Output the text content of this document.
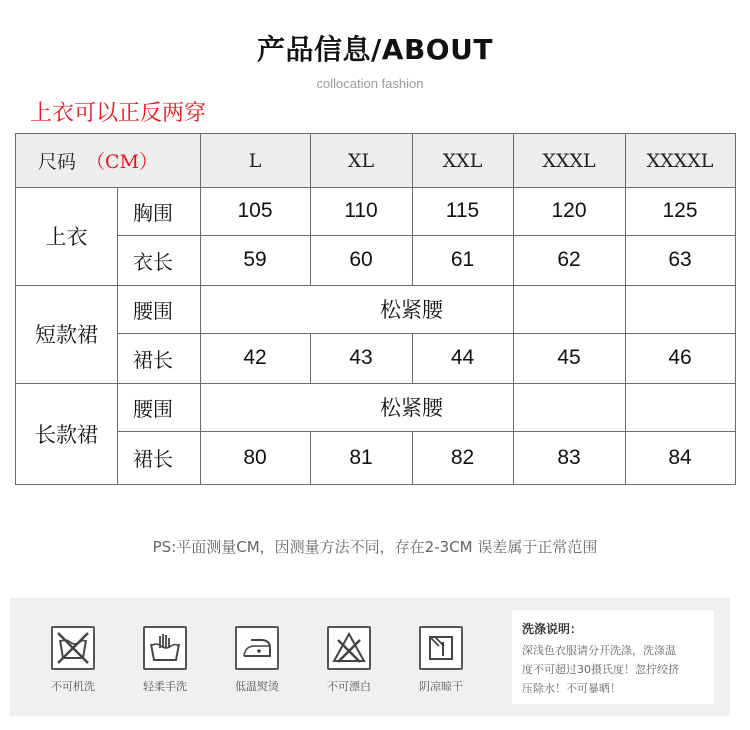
产品信息/ABOUT
collocation fashion
上衣可以正反两穿
尺码 （CM）	L	XL	XXL	XXXL	XXXXL
上衣
胸围	105	110	115	120	125
衣长	59	60	61	62	63
短款裙
腰围	松紧腰
裙长	42	43	44	45	46
长款裙
腰围	松紧腰
裙长	80	81	82	83	84
PS:平面测量CM，因测量方法不同，存在2-3CM 误差属于正常范围
不可机洗	轻柔手洗	低温熨烫	不可漂白	阴凉晾干
洗涤说明：
深浅色衣服请分开洗涤，洗涤温
度不可超过30摄氏度！忽拧绞挤
压除水！不可暴晒！
